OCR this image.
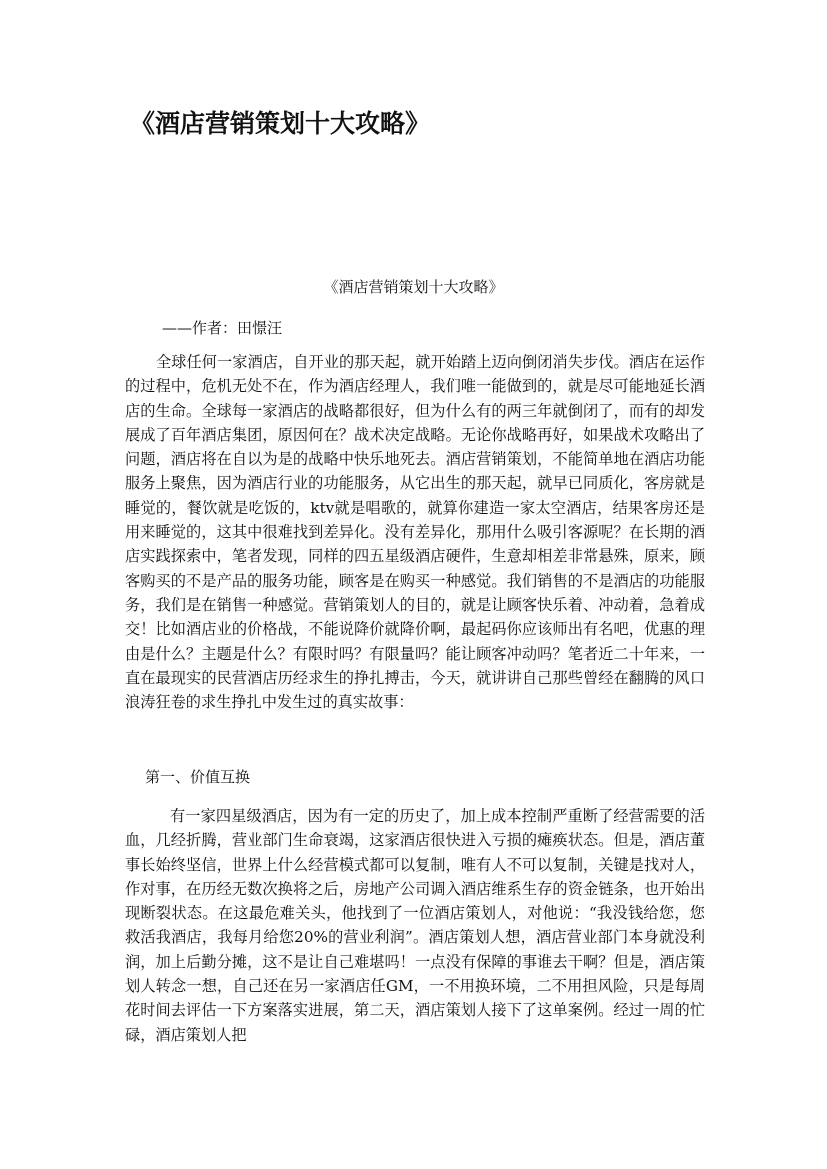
《酒店营销策划十大攻略》
《酒店营销策划十大攻略》
——作者：田憬汪

全球任何一家酒店，自开业的那天起，就开始踏上迈向倒闭消失步伐。酒店在运作的过程中，危机无处不在，作为酒店经理人，我们唯一能做到的，就是尽可能地延长酒店的生命。全球每一家酒店的战略都很好，但为什么有的两三年就倒闭了，而有的却发展成了百年酒店集团，原因何在？战术决定战略。无论你战略再好，如果战术攻略出了问题，酒店将在自以为是的战略中快乐地死去。酒店营销策划，不能简单地在酒店功能服务上聚焦，因为酒店行业的功能服务，从它出生的那天起，就早已同质化，客房就是睡觉的，餐饮就是吃饭的，ktv就是唱歌的，就算你建造一家太空酒店，结果客房还是用来睡觉的，这其中很难找到差异化。没有差异化，那用什么吸引客源呢？在长期的酒店实践探索中，笔者发现，同样的四五星级酒店硬件，生意却相差非常悬殊，原来，顾客购买的不是产品的服务功能，顾客是在购买一种感觉。我们销售的不是酒店的功能服务，我们是在销售一种感觉。营销策划人的目的，就是让顾客快乐着、冲动着，急着成交！比如酒店业的价格战，不能说降价就降价啊，最起码你应该师出有名吧，优惠的理由是什么？主题是什么？有限时吗？有限量吗？能让顾客冲动吗？笔者近二十年来，一直在最现实的民营酒店历经求生的挣扎搏击，今天，就讲讲自己那些曾经在翻腾的风口浪涛狂卷的求生挣扎中发生过的真实故事：

第一、价值互换

有一家四星级酒店，因为有一定的历史了，加上成本控制严重断了经营需要的活血，几经折腾，营业部门生命衰竭，这家酒店很快进入亏损的瘫痪状态。但是，酒店董事长始终坚信，世界上什么经营模式都可以复制，唯有人不可以复制，关键是找对人，作对事，在历经无数次换将之后，房地产公司调入酒店维系生存的资金链条，也开始出现断裂状态。在这最危难关头，他找到了一位酒店策划人，对他说：“我没钱给您，您救活我酒店，我每月给您20%的营业利润”。酒店策划人想，酒店营业部门本身就没利润，加上后勤分摊，这不是让自己难堪吗！一点没有保障的事谁去干啊？但是，酒店策划人转念一想，自己还在另一家酒店任GM，一不用换环境，二不用担风险，只是每周花时间去评估一下方案落实进展，第二天，酒店策划人接下了这单案例。经过一周的忙碌，酒店策划人把
